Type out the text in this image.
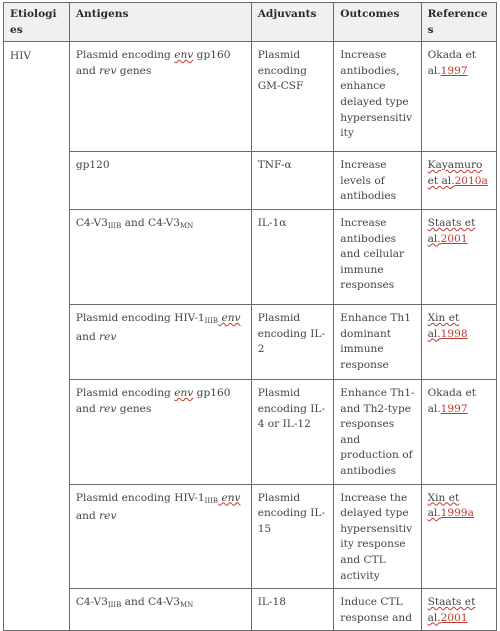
Etiologies	Antigens	Adjuvants	Outcomes	References
HIV	Plasmid encoding env gp160 and rev genes	Plasmid encoding GM-CSF	Increase antibodies, enhance delayed type hypersensitivity	Okada et al.1997
	gp120	TNF-α	Increase levels of antibodies	Kayamuro et al.2010a
	$C4-V3_{IIIB}$ and $C4-V3_{MN}$	IL-1α	Increase antibodies and cellular immune responses	Staats et al.2001
	Plasmid encoding HIV-$1_{IIIB}$ env and rev	Plasmid encoding IL-2	Enhance Th1 dominant immune response	Xin et al.1998
	Plasmid encoding env gp160 and rev genes	Plasmid encoding IL-4 or IL-12	Enhance Th1- and Th2-type responses and production of antibodies	Okada et al.1997
	Plasmid encoding HIV-$1_{IIIB}$ env and rev	Plasmid encoding IL-15	Increase the delayed type hypersensitivity response and CTL activity	Xin et al.1999a
	$C4-V3_{IIIB}$ and $C4-V3_{MN}$	IL-18	Induce CTL response and	Staats et al.2001
